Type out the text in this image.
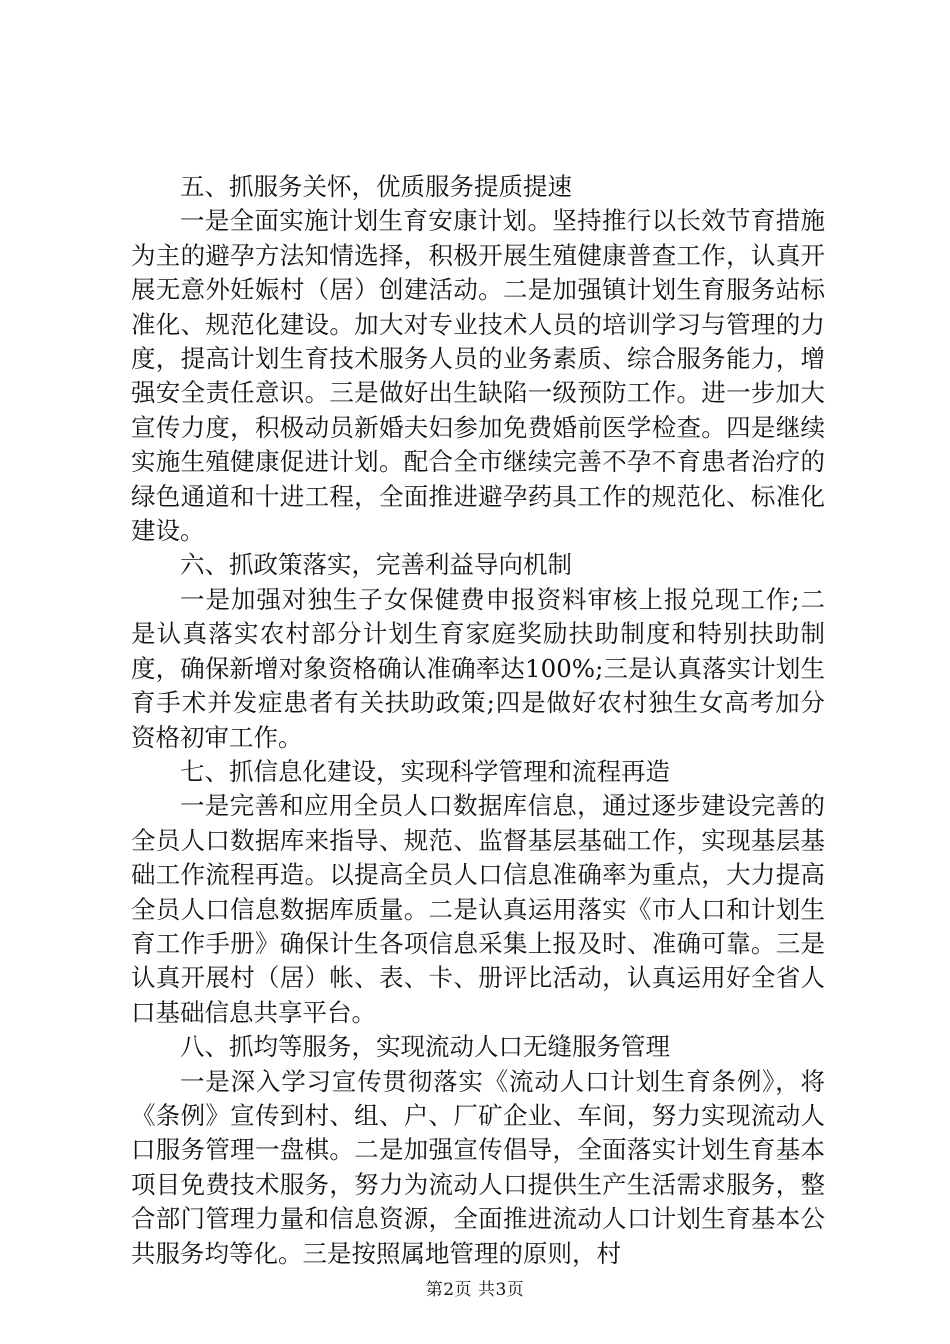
五、抓服务关怀，优质服务提质提速

一是全面实施计划生育安康计划。坚持推行以长效节育措施为主的避孕方法知情选择，积极开展生殖健康普查工作，认真开展无意外妊娠村（居）创建活动。二是加强镇计划生育服务站标准化、规范化建设。加大对专业技术人员的培训学习与管理的力度，提高计划生育技术服务人员的业务素质、综合服务能力，增强安全责任意识。三是做好出生缺陷一级预防工作。进一步加大宣传力度，积极动员新婚夫妇参加免费婚前医学检查。四是继续实施生殖健康促进计划。配合全市继续完善不孕不育患者治疗的绿色通道和十进工程，全面推进避孕药具工作的规范化、标准化建设。

六、抓政策落实，完善利益导向机制

一是加强对独生子女保健费申报资料审核上报兑现工作;二是认真落实农村部分计划生育家庭奖励扶助制度和特别扶助制度，确保新增对象资格确认准确率达100%;三是认真落实计划生育手术并发症患者有关扶助政策;四是做好农村独生女高考加分资格初审工作。

七、抓信息化建设，实现科学管理和流程再造

一是完善和应用全员人口数据库信息，通过逐步建设完善的全员人口数据库来指导、规范、监督基层基础工作，实现基层基础工作流程再造。以提高全员人口信息准确率为重点，大力提高全员人口信息数据库质量。二是认真运用落实《市人口和计划生育工作手册》确保计生各项信息采集上报及时、准确可靠。三是认真开展村（居）帐、表、卡、册评比活动，认真运用好全省人口基础信息共享平台。

八、抓均等服务，实现流动人口无缝服务管理

一是深入学习宣传贯彻落实《流动人口计划生育条例》，将《条例》宣传到村、组、户、厂矿企业、车间，努力实现流动人口服务管理一盘棋。二是加强宣传倡导，全面落实计划生育基本项目免费技术服务，努力为流动人口提供生产生活需求服务，整合部门管理力量和信息资源，全面推进流动人口计划生育基本公共服务均等化。三是按照属地管理的原则，村

第2页 共3页
